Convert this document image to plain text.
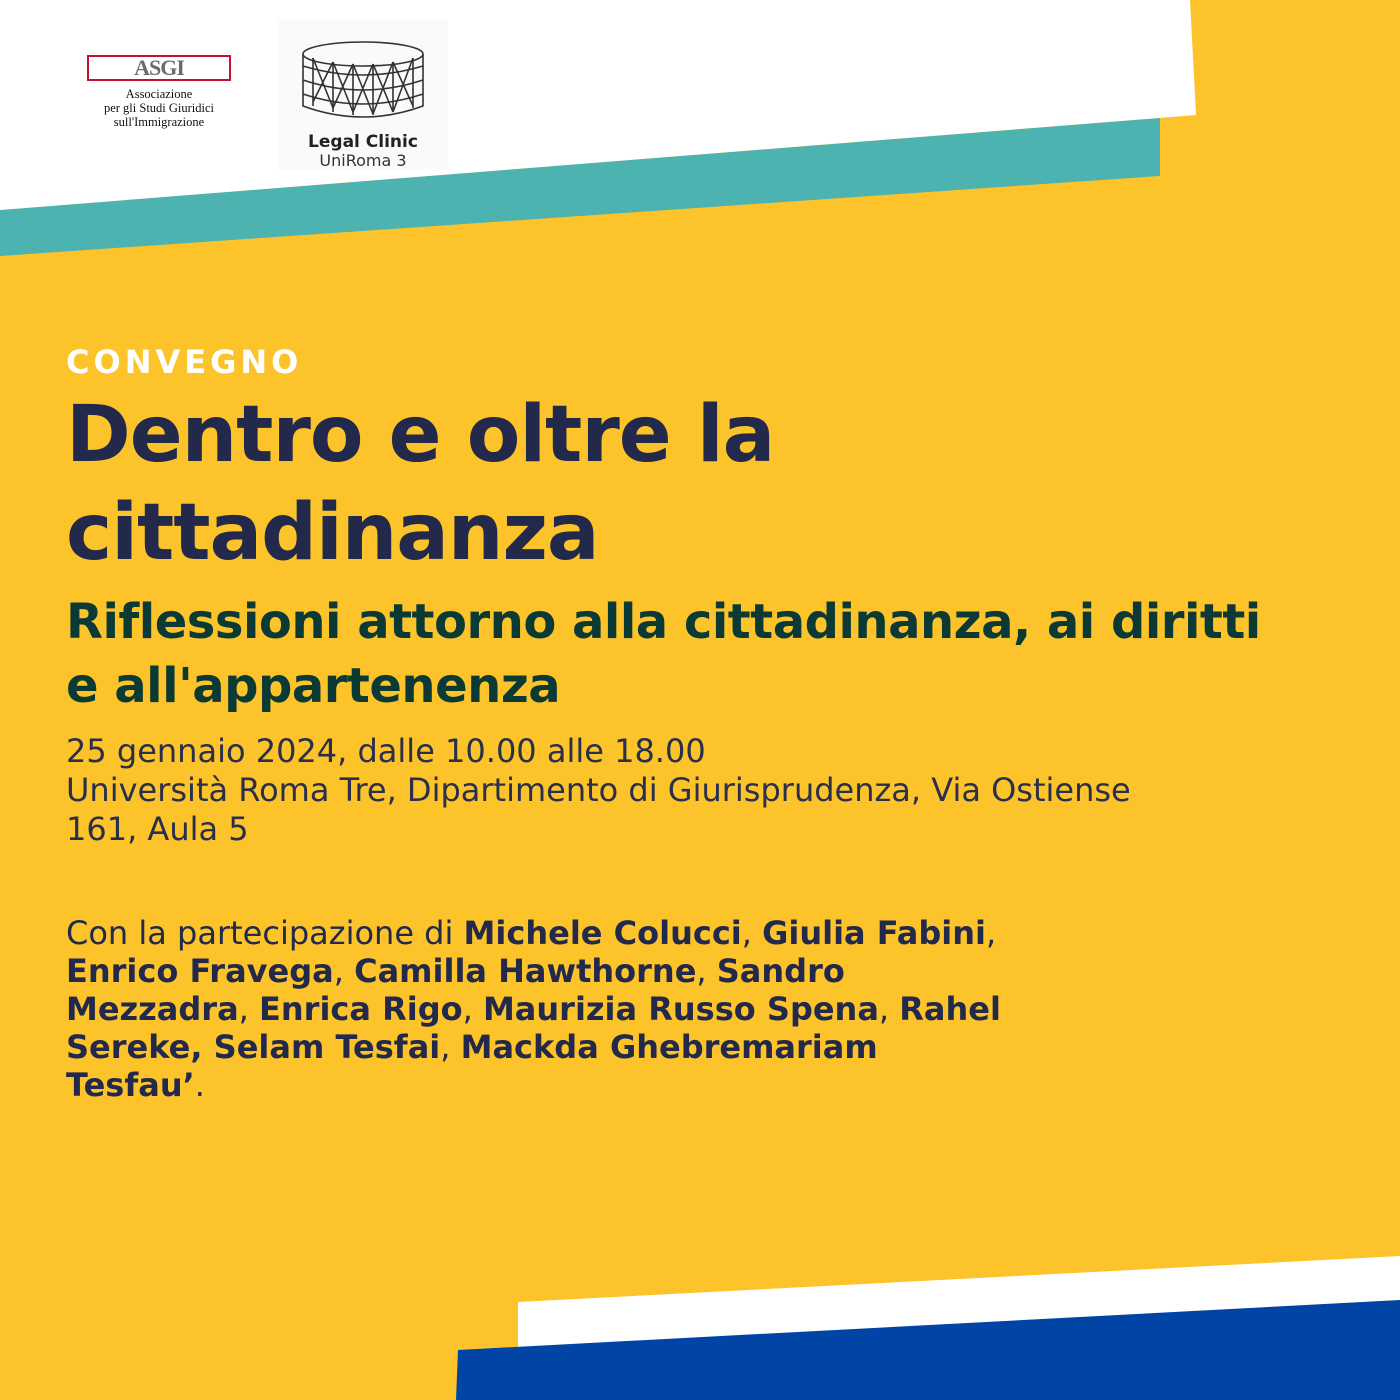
ASGI
Associazione
per gli Studi Giuridici
sull'Immigrazione
Legal Clinic
UniRoma 3

CONVEGNO

Dentro e oltre la cittadinanza
Riflessioni attorno alla cittadinanza, ai diritti e all'appartenenza
25 gennaio 2024, dalle 10.00 alle 18.00
Università Roma Tre, Dipartimento di Giurisprudenza, Via Ostiense 161, Aula 5
Con la partecipazione di Michele Colucci, Giulia Fabini, Enrico Fravega, Camilla Hawthorne, Sandro Mezzadra, Enrica Rigo, Maurizia Russo Spena, Rahel Sereke, Selam Tesfai, Mackda Ghebremariam Tesfau’.
